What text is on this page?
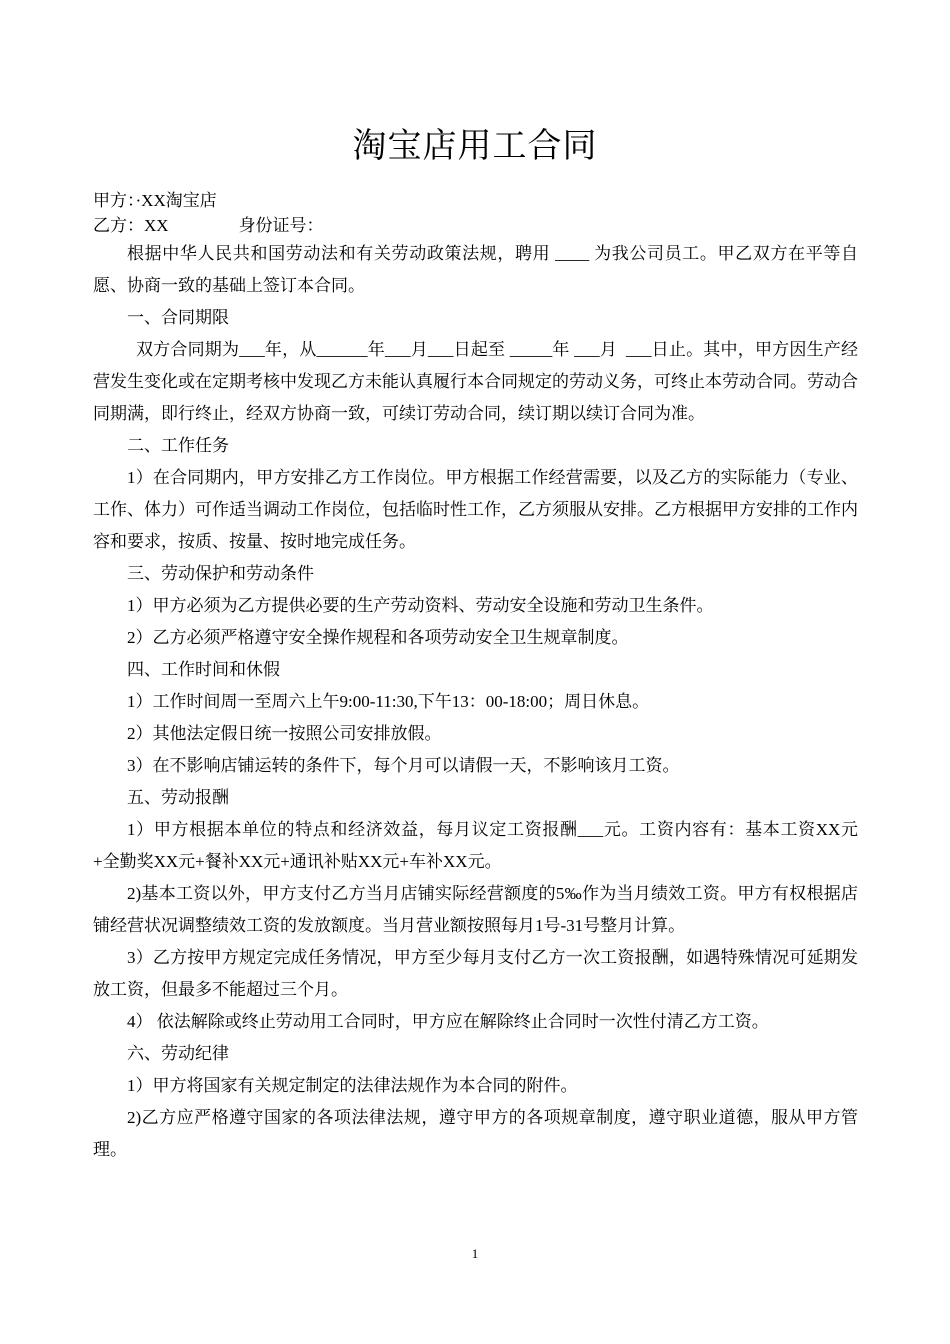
淘宝店用工合同
甲方：·XX淘宝店
乙方：XX	身份证号：

根据中华人民共和国劳动法和有关劳动政策法规，聘用 ____ 为我公司员工。甲乙双方在平等自愿、协商一致的基础上签订本合同。

一、合同期限

双方合同期为___年，从______年___月___日起至 _____年 ___月  ___日止。其中，甲方因生产经营发生变化或在定期考核中发现乙方未能认真履行本合同规定的劳动义务，可终止本劳动合同。劳动合同期满，即行终止，经双方协商一致，可续订劳动合同，续订期以续订合同为准。

二、工作任务

1）在合同期内，甲方安排乙方工作岗位。甲方根据工作经营需要，以及乙方的实际能力（专业、工作、体力）可作适当调动工作岗位，包括临时性工作，乙方须服从安排。乙方根据甲方安排的工作内容和要求，按质、按量、按时地完成任务。

三、劳动保护和劳动条件

1）甲方必须为乙方提供必要的生产劳动资料、劳动安全设施和劳动卫生条件。

2）乙方必须严格遵守安全操作规程和各项劳动安全卫生规章制度。

四、工作时间和休假

1）工作时间周一至周六上午9:00-11:30,下午13：00-18:00；周日休息。

2）其他法定假日统一按照公司安排放假。

3）在不影响店铺运转的条件下，每个月可以请假一天，不影响该月工资。

五、劳动报酬

1）甲方根据本单位的特点和经济效益，每月议定工资报酬___元。工资内容有：基本工资XX元+全勤奖XX元+餐补XX元+通讯补贴XX元+车补XX元。

2)基本工资以外，甲方支付乙方当月店铺实际经营额度的5‰作为当月绩效工资。甲方有权根据店铺经营状况调整绩效工资的发放额度。当月营业额按照每月1号-31号整月计算。

3）乙方按甲方规定完成任务情况，甲方至少每月支付乙方一次工资报酬，如遇特殊情况可延期发放工资，但最多不能超过三个月。

4） 依法解除或终止劳动用工合同时，甲方应在解除终止合同时一次性付清乙方工资。

六、劳动纪律

1）甲方将国家有关规定制定的法律法规作为本合同的附件。

2)乙方应严格遵守国家的各项法律法规，遵守甲方的各项规章制度，遵守职业道德，服从甲方管理。

1
